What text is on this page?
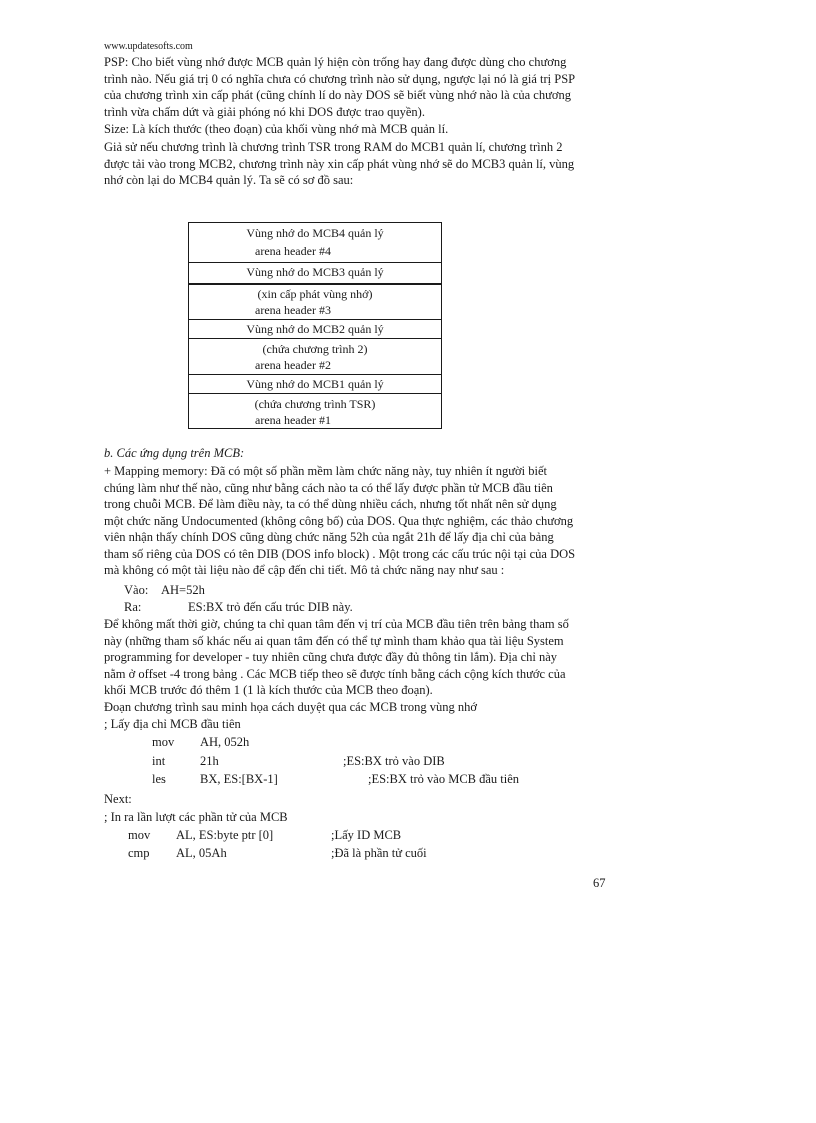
www.updatesofts.com

PSP: Cho biết vùng nhớ được MCB quản lý hiện còn trống hay đang được dùng cho chương

trình nào. Nếu giá trị 0 có nghĩa chưa có chương trình nào sử dụng, ngược lại nó là giá trị PSP

của chương trình xin cấp phát (cũng chính lí do này DOS sẽ biết vùng nhớ nào là của chương

trình vừa chấm dứt và giải phóng nó khi DOS được trao quyền).

Size: Là kích thước (theo đoạn) của khối vùng nhớ mà MCB quản lí.

Giả sử nếu chương trình là chương trình TSR trong RAM do MCB1 quản lí, chương trình 2

được tải vào trong MCB2, chương trình này xin cấp phát vùng nhớ sẽ do MCB3 quản lí, vùng

nhớ còn lại do MCB4 quản lý. Ta sẽ có sơ đồ sau:

Vùng nhớ do MCB4 quản lý
arena header #4
Vùng nhớ do MCB3 quản lý
(xin cấp phát vùng nhớ)
arena header #3
Vùng nhớ do MCB2 quản lý
(chứa chương trình 2)
arena header #2
Vùng nhớ do MCB1 quản lý
(chứa chương trình TSR)
arena header #1
b. Các ứng dụng trên MCB:

+ Mapping memory: Đã có một số phần mềm làm chức năng này, tuy nhiên ít người biết

chúng làm như thế nào, cũng như bằng cách nào ta có thể lấy được phần tử MCB đầu tiên

trong chuỗi MCB. Để làm điều này, ta có thể dùng nhiều cách, nhưng tốt nhất nên sử dụng

một chức năng Undocumented (không công bố) của DOS. Qua thực nghiệm, các thảo chương

viên nhận thấy chính DOS cũng dùng chức năng 52h của ngắt 21h để lấy địa chỉ của bảng

tham số riêng của DOS có tên DIB (DOS info block) . Một trong các cấu trúc nội tại của DOS

mà không có một tài liệu nào để cập đến chi tiết. Mô tả chức năng nay như sau :

Vào: AH=52h
Ra:	ES:BX trỏ đến cấu trúc DIB này.

Để không mất thời giờ, chúng ta chỉ quan tâm đến vị trí của MCB đầu tiên trên bảng tham số

này (những tham số khác nếu ai quan tâm đến có thể tự mình tham khảo qua tài liệu System

programming for developer - tuy nhiên cũng chưa được đầy đủ thông tin lắm). Địa chỉ này

nằm ở offset -4 trong bảng . Các MCB tiếp theo sẽ được tính bằng cách cộng kích thước của

khối MCB trước đó thêm 1 (1 là kích thước của MCB theo đoạn).

Đoạn chương trình sau minh họa cách duyệt qua các MCB trong vùng nhớ

; Lấy địa chỉ MCB đầu tiên
mov AH, 052h
int	21h	;ES:BX trỏ vào DIB
les	BX, ES:[BX-1]	;ES:BX trỏ vào MCB đầu tiên
Next:
; In ra lần lượt các phần tử của MCB
mov AL, ES:byte ptr [0]	;Lấy ID MCB
cmp AL, 05Ah	;Đã là phần tử cuối
67
